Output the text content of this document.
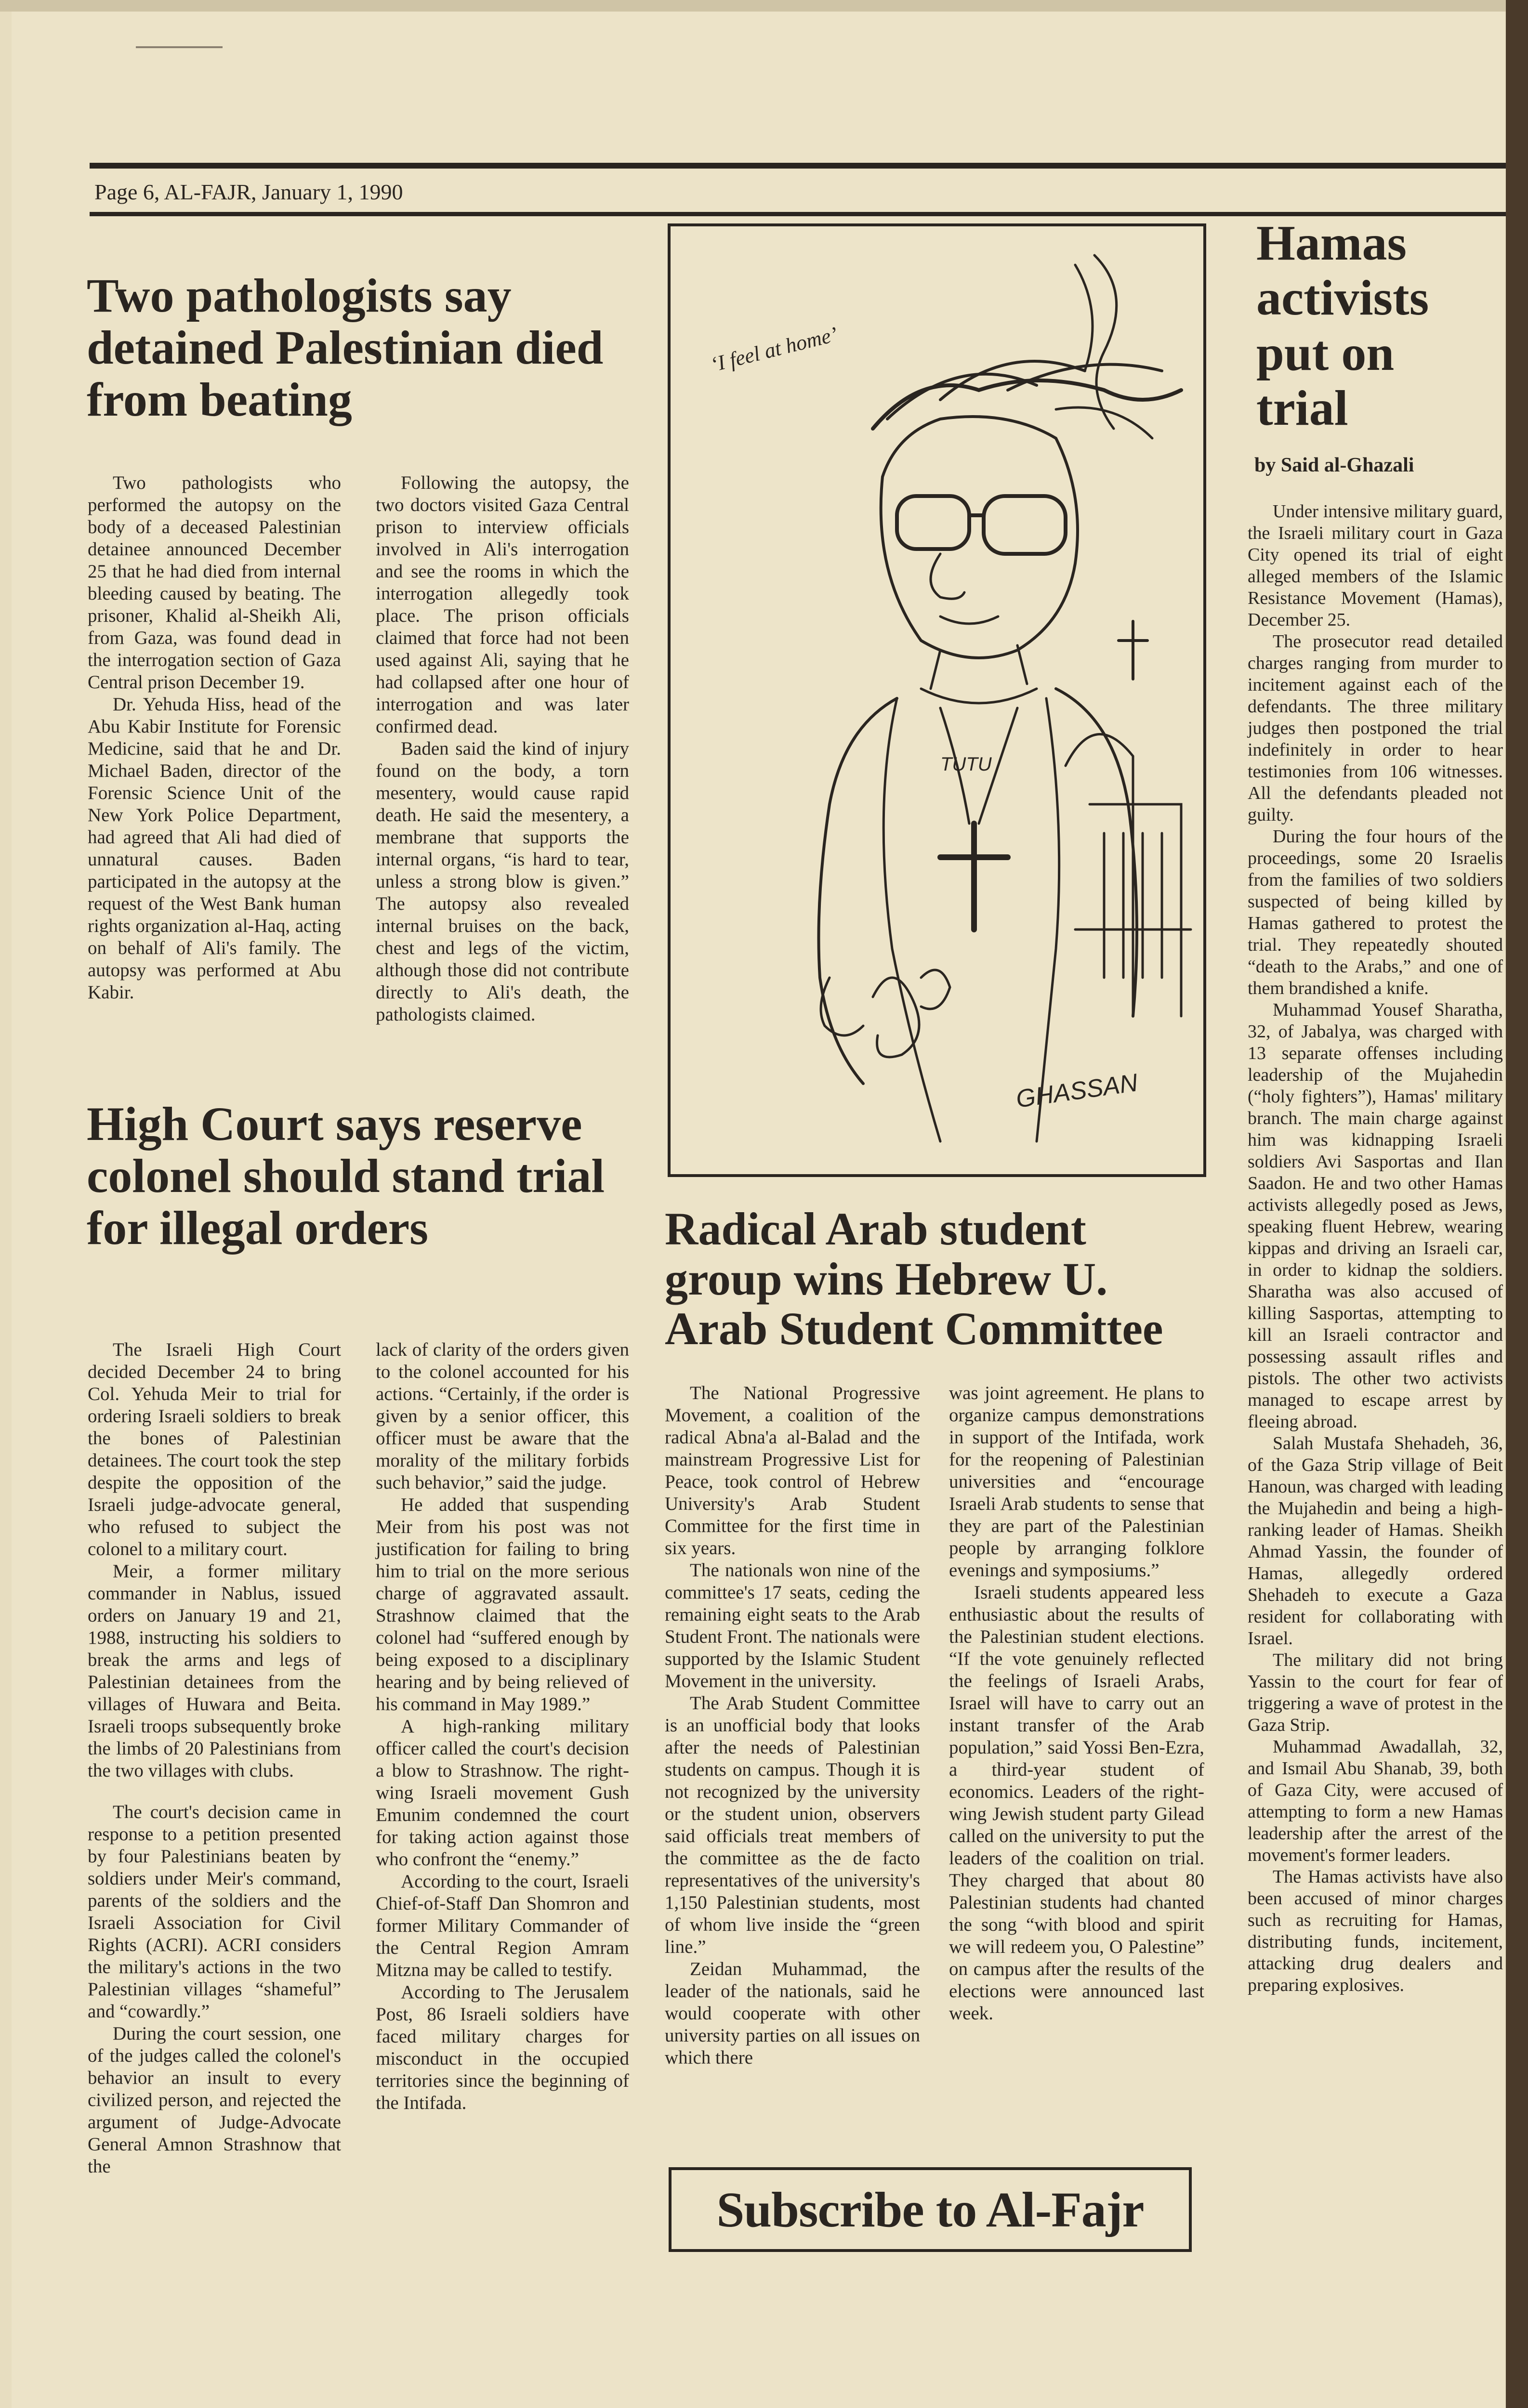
Page 6, AL-FAJR, January 1, 1990
Two pathologists say detained Palestinian died from beating

Two pathologists who performed the autopsy on the body of a deceased Palestinian detainee announced December 25 that he had died from internal bleeding caused by beating. The prisoner, Khalid al-Sheikh Ali, from Gaza, was found dead in the interrogation section of Gaza Central prison December 19.

Dr. Yehuda Hiss, head of the Abu Kabir Institute for Forensic Medicine, said that he and Dr. Michael Baden, director of the Forensic Science Unit of the New York Police Department, had agreed that Ali had died of unnatural causes. Baden participated in the autopsy at the request of the West Bank human rights organization al-Haq, acting on behalf of Ali's family. The autopsy was performed at Abu Kabir.

Following the autopsy, the two doctors visited Gaza Central prison to interview officials involved in Ali's interrogation and see the rooms in which the interrogation allegedly took place. The prison officials claimed that force had not been used against Ali, saying that he had collapsed after one hour of interrogation and was later confirmed dead.

Baden said the kind of injury found on the body, a torn mesentery, would cause rapid death. He said the mesentery, a membrane that supports the internal organs, “is hard to tear, unless a strong blow is given.” The autopsy also revealed internal bruises on the back, chest and legs of the victim, although those did not contribute directly to Ali's death, the pathologists claimed.

High Court says reserve colonel should stand trial for illegal orders

The Israeli High Court decided December 24 to bring Col. Yehuda Meir to trial for ordering Israeli soldiers to break the bones of Palestinian detainees. The court took the step despite the opposition of the Israeli judge-advocate general, who refused to subject the colonel to a military court.

Meir, a former military commander in Nablus, issued orders on January 19 and 21, 1988, instructing his soldiers to break the arms and legs of Palestinian detainees from the villages of Huwara and Beita. Israeli troops subsequently broke the limbs of 20 Palestinians from the two villages with clubs.

The court's decision came in response to a petition presented by four Palestinians beaten by soldiers under Meir's command, parents of the soldiers and the Israeli Association for Civil Rights (ACRI). ACRI considers the military's actions in the two Palestinian villages “shameful” and “cowardly.”

During the court session, one of the judges called the colonel's behavior an insult to every civilized person, and rejected the argument of Judge-Advocate General Amnon Strashnow that the

lack of clarity of the orders given to the colonel accounted for his actions. “Certainly, if the order is given by a senior officer, this officer must be aware that the morality of the military forbids such behavior,” said the judge.

He added that suspending Meir from his post was not justification for failing to bring him to trial on the more serious charge of aggravated assault. Strashnow claimed that the colonel had “suffered enough by being exposed to a disciplinary hearing and by being relieved of his command in May 1989.”

A high-ranking military officer called the court's decision a blow to Strashnow. The right-wing Israeli movement Gush Emunim condemned the court for taking action against those who confront the “enemy.”

According to the court, Israeli Chief-of-Staff Dan Shomron and former Military Commander of the Central Region Amram Mitzna may be called to testify.

According to The Jerusalem Post, 86 Israeli soldiers have faced military charges for misconduct in the occupied territories since the beginning of the Intifada.

‘I feel at home’
TUTU
GHASSAN
Radical Arab student group wins Hebrew U. Arab Student Committee

The National Progressive Movement, a coalition of the radical Abna'a al-Balad and the mainstream Progressive List for Peace, took control of Hebrew University's Arab Student Committee for the first time in six years.

The nationals won nine of the committee's 17 seats, ceding the remaining eight seats to the Arab Student Front. The nationals were supported by the Islamic Student Movement in the university.

The Arab Student Committee is an unofficial body that looks after the needs of Palestinian students on campus. Though it is not recognized by the university or the student union, observers said officials treat members of the committee as the de facto representatives of the university's 1,150 Palestinian students, most of whom live inside the “green line.”

Zeidan Muhammad, the leader of the nationals, said he would cooperate with other university parties on all issues on which there

was joint agreement. He plans to organize campus demonstrations in support of the Intifada, work for the reopening of Palestinian universities and “encourage Israeli Arab students to sense that they are part of the Palestinian people by arranging folklore evenings and symposiums.”

Israeli students appeared less enthusiastic about the results of the Palestinian student elections. “If the vote genuinely reflected the feelings of Israeli Arabs, Israel will have to carry out an instant transfer of the Arab population,” said Yossi Ben-Ezra, a third-year student of economics. Leaders of the right-wing Jewish student party Gilead called on the university to put the leaders of the coalition on trial. They charged that about 80 Palestinian students had chanted the song “with blood and spirit we will redeem you, O Palestine” on campus after the results of the elections were announced last week.

Hamas activists put on trial
by Said al-Ghazali

Under intensive military guard, the Israeli military court in Gaza City opened its trial of eight alleged members of the Islamic Resistance Movement (Hamas), December 25.

The prosecutor read detailed charges ranging from murder to incitement against each of the defendants. The three military judges then postponed the trial indefinitely in order to hear testimonies from 106 witnesses. All the defendants pleaded not guilty.

During the four hours of the proceedings, some 20 Israelis from the families of two soldiers suspected of being killed by Hamas gathered to protest the trial. They repeatedly shouted “death to the Arabs,” and one of them brandished a knife.

Muhammad Yousef Sharatha, 32, of Jabalya, was charged with 13 separate offenses including leadership of the Mujahedin (“holy fighters”), Hamas' military branch. The main charge against him was kidnapping Israeli soldiers Avi Sasportas and Ilan Saadon. He and two other Hamas activists allegedly posed as Jews, speaking fluent Hebrew, wearing kippas and driving an Israeli car, in order to kidnap the soldiers. Sharatha was also accused of killing Sasportas, attempting to kill an Israeli contractor and possessing assault rifles and pistols. The other two activists managed to escape arrest by fleeing abroad.

Salah Mustafa Shehadeh, 36, of the Gaza Strip village of Beit Hanoun, was charged with leading the Mujahedin and being a high-ranking leader of Hamas. Sheikh Ahmad Yassin, the founder of Hamas, allegedly ordered Shehadeh to execute a Gaza resident for collaborating with Israel.

The military did not bring Yassin to the court for fear of triggering a wave of protest in the Gaza Strip.

Muhammad Awadallah, 32, and Ismail Abu Shanab, 39, both of Gaza City, were accused of attempting to form a new Hamas leadership after the arrest of the movement's former leaders.

The Hamas activists have also been accused of minor charges such as recruiting for Hamas, distributing funds, incitement, attacking drug dealers and preparing explosives.

Subscribe to Al-Fajr
